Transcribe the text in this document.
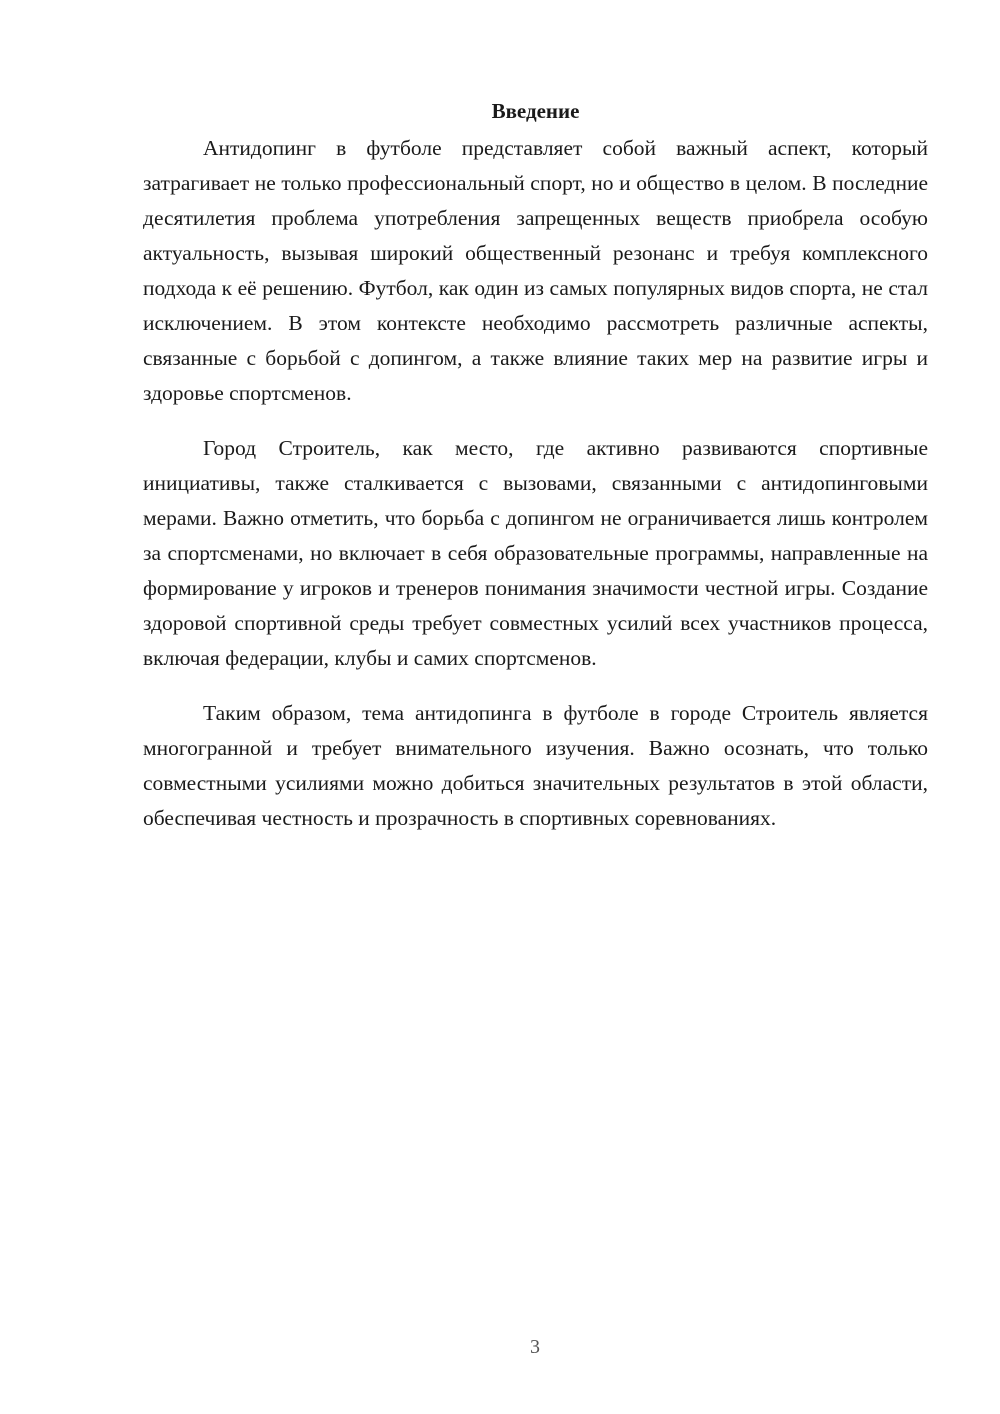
Введение

Антидопинг в футболе представляет собой важный аспект, который затрагивает не только профессиональный спорт, но и общество в целом. В последние десятилетия проблема употребления запрещенных веществ приобрела особую актуальность, вызывая широкий общественный резонанс и требуя комплексного подхода к её решению. Футбол, как один из самых популярных видов спорта, не стал исключением. В этом контексте необходимо рассмотреть различные аспекты, связанные с борьбой с допингом, а также влияние таких мер на развитие игры и здоровье спортсменов.

Город Строитель, как место, где активно развиваются спортивные инициативы, также сталкивается с вызовами, связанными с антидопинговыми мерами. Важно отметить, что борьба с допингом не ограничивается лишь контролем за спортсменами, но включает в себя образовательные программы, направленные на формирование у игроков и тренеров понимания значимости честной игры. Создание здоровой спортивной среды требует совместных усилий всех участников процесса, включая федерации, клубы и самих спортсменов.

Таким образом, тема антидопинга в футболе в городе Строитель является многогранной и требует внимательного изучения. Важно осознать, что только совместными усилиями можно добиться значительных результатов в этой области, обеспечивая честность и прозрачность в спортивных соревнованиях.

3
